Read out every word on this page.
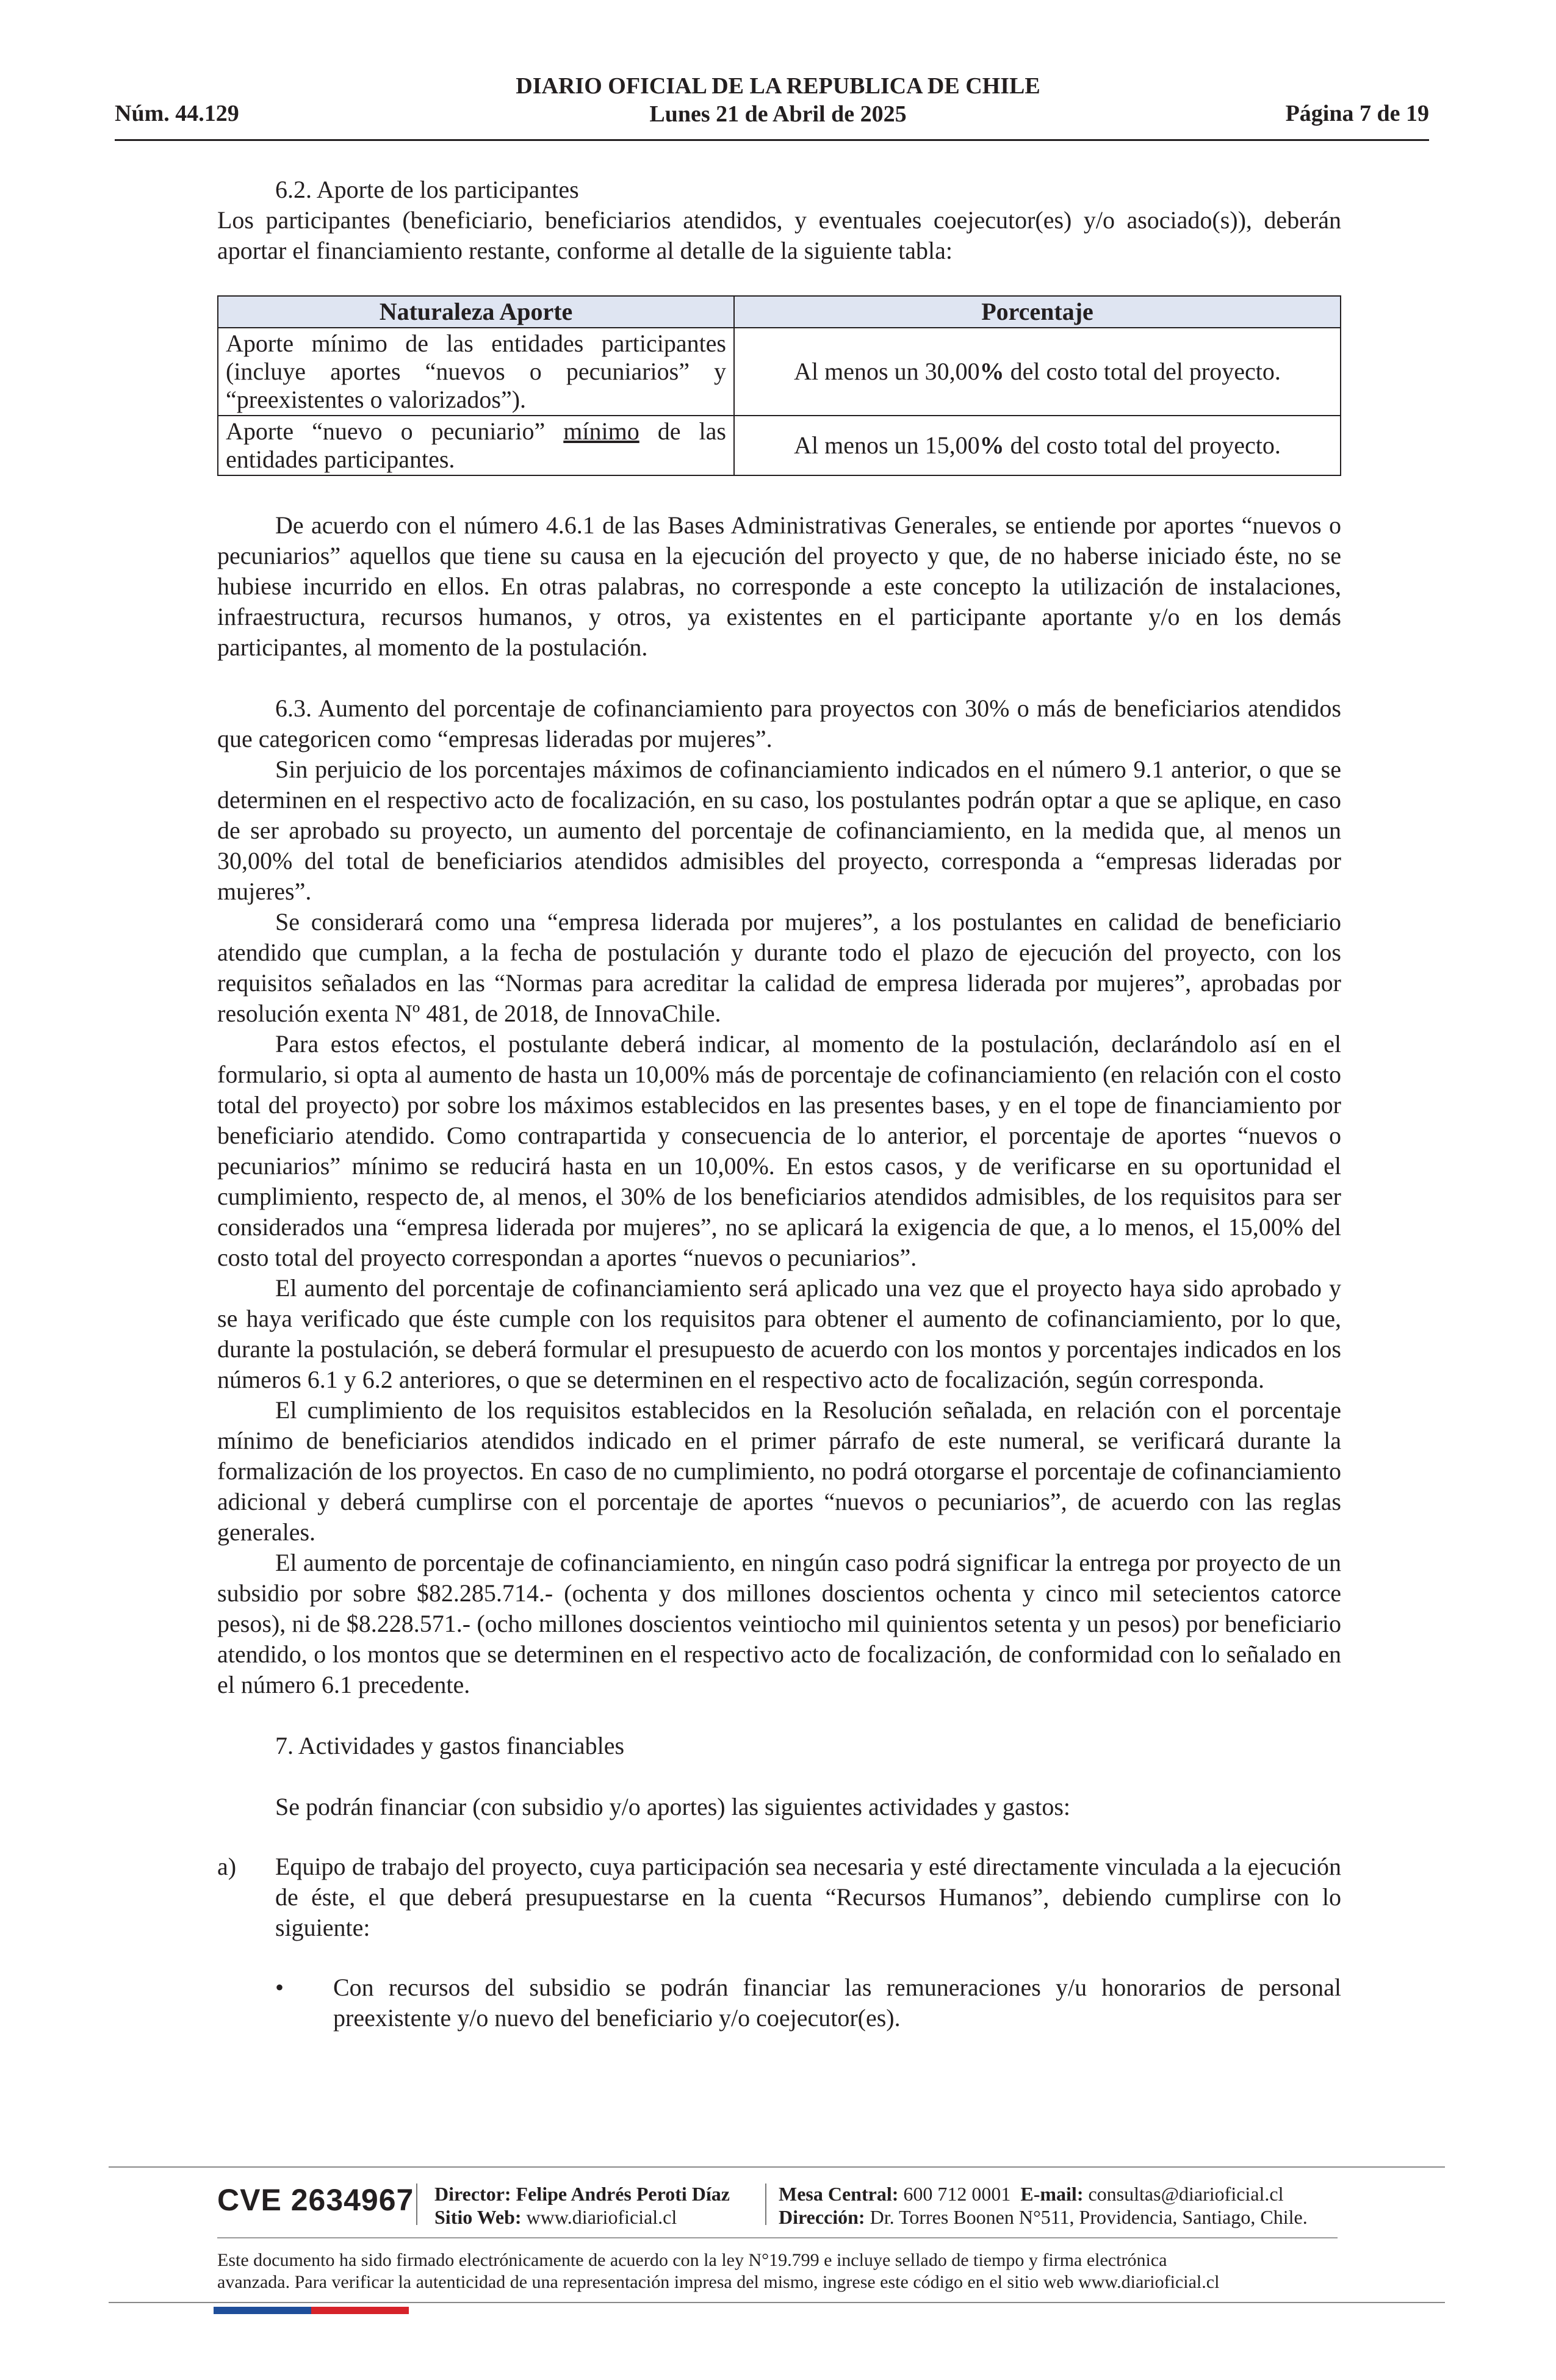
DIARIO OFICIAL DE LA REPUBLICA DE CHILE
Lunes 21 de Abril de 2025
Núm. 44.129	Página 7 de 19

6.2. Aporte de los participantes

Los participantes (beneficiario, beneficiarios atendidos, y eventuales coejecutor(es) y/o asociado(s)), deberán aportar el financiamiento restante, conforme al detalle de la siguiente tabla:

Naturaleza Aporte	Porcentaje
Aporte mínimo de las entidades participantes (incluye aportes “nuevos o pecuniarios” y “preexistentes o valorizados”).	Al menos un 30,00% del costo total del proyecto.
Aporte “nuevo o pecuniario” mínimo de las entidades participantes.	Al menos un 15,00% del costo total del proyecto.

De acuerdo con el número 4.6.1 de las Bases Administrativas Generales, se entiende por aportes “nuevos o pecuniarios” aquellos que tiene su causa en la ejecución del proyecto y que, de no haberse iniciado éste, no se hubiese incurrido en ellos. En otras palabras, no corresponde a este concepto la utilización de instalaciones, infraestructura, recursos humanos, y otros, ya existentes en el participante aportante y/o en los demás participantes, al momento de la postulación.

6.3. Aumento del porcentaje de cofinanciamiento para proyectos con 30% o más de beneficiarios atendidos que categoricen como “empresas lideradas por mujeres”.

Sin perjuicio de los porcentajes máximos de cofinanciamiento indicados en el número 9.1 anterior, o que se determinen en el respectivo acto de focalización, en su caso, los postulantes podrán optar a que se aplique, en caso de ser aprobado su proyecto, un aumento del porcentaje de cofinanciamiento, en la medida que, al menos un 30,00% del total de beneficiarios atendidos admisibles del proyecto, corresponda a “empresas lideradas por mujeres”.

Se considerará como una “empresa liderada por mujeres”, a los postulantes en calidad de beneficiario atendido que cumplan, a la fecha de postulación y durante todo el plazo de ejecución del proyecto, con los requisitos señalados en las “Normas para acreditar la calidad de empresa liderada por mujeres”, aprobadas por resolución exenta Nº 481, de 2018, de InnovaChile.

Para estos efectos, el postulante deberá indicar, al momento de la postulación, declarándolo así en el formulario, si opta al aumento de hasta un 10,00% más de porcentaje de cofinanciamiento (en relación con el costo total del proyecto) por sobre los máximos establecidos en las presentes bases, y en el tope de financiamiento por beneficiario atendido. Como contrapartida y consecuencia de lo anterior, el porcentaje de aportes “nuevos o pecuniarios” mínimo se reducirá hasta en un 10,00%. En estos casos, y de verificarse en su oportunidad el cumplimiento, respecto de, al menos, el 30% de los beneficiarios atendidos admisibles, de los requisitos para ser considerados una “empresa liderada por mujeres”, no se aplicará la exigencia de que, a lo menos, el 15,00% del costo total del proyecto correspondan a aportes “nuevos o pecuniarios”.

El aumento del porcentaje de cofinanciamiento será aplicado una vez que el proyecto haya sido aprobado y se haya verificado que éste cumple con los requisitos para obtener el aumento de cofinanciamiento, por lo que, durante la postulación, se deberá formular el presupuesto de acuerdo con los montos y porcentajes indicados en los números 6.1 y 6.2 anteriores, o que se determinen en el respectivo acto de focalización, según corresponda.

El cumplimiento de los requisitos establecidos en la Resolución señalada, en relación con el porcentaje mínimo de beneficiarios atendidos indicado en el primer párrafo de este numeral, se verificará durante la formalización de los proyectos. En caso de no cumplimiento, no podrá otorgarse el porcentaje de cofinanciamiento adicional y deberá cumplirse con el porcentaje de aportes “nuevos o pecuniarios”, de acuerdo con las reglas generales.

El aumento de porcentaje de cofinanciamiento, en ningún caso podrá significar la entrega por proyecto de un subsidio por sobre $82.285.714.- (ochenta y dos millones doscientos ochenta y cinco mil setecientos catorce pesos), ni de $8.228.571.- (ocho millones doscientos veintiocho mil quinientos setenta y un pesos) por beneficiario atendido, o los montos que se determinen en el respectivo acto de focalización, de conformidad con lo señalado en el número 6.1 precedente.

7. Actividades y gastos financiables

Se podrán financiar (con subsidio y/o aportes) las siguientes actividades y gastos:

a)	Equipo de trabajo del proyecto, cuya participación sea necesaria y esté directamente vinculada a la ejecución de éste, el que deberá presupuestarse en la cuenta “Recursos Humanos”, debiendo cumplirse con lo siguiente:
•	Con recursos del subsidio se podrán financiar las remuneraciones y/u honorarios de personal preexistente y/o nuevo del beneficiario y/o coejecutor(es).
CVE 2634967 Director: Felipe Andrés Peroti Díaz
Sitio Web: www.diarioficial.cl
Mesa Central: 600 712 0001 E-mail: consultas@diarioficial.cl
Dirección: Dr. Torres Boonen N°511, Providencia, Santiago, Chile.
Este documento ha sido firmado electrónicamente de acuerdo con la ley N°19.799 e incluye sellado de tiempo y firma electrónica
avanzada. Para verificar la autenticidad de una representación impresa del mismo, ingrese este código en el sitio web www.diarioficial.cl
